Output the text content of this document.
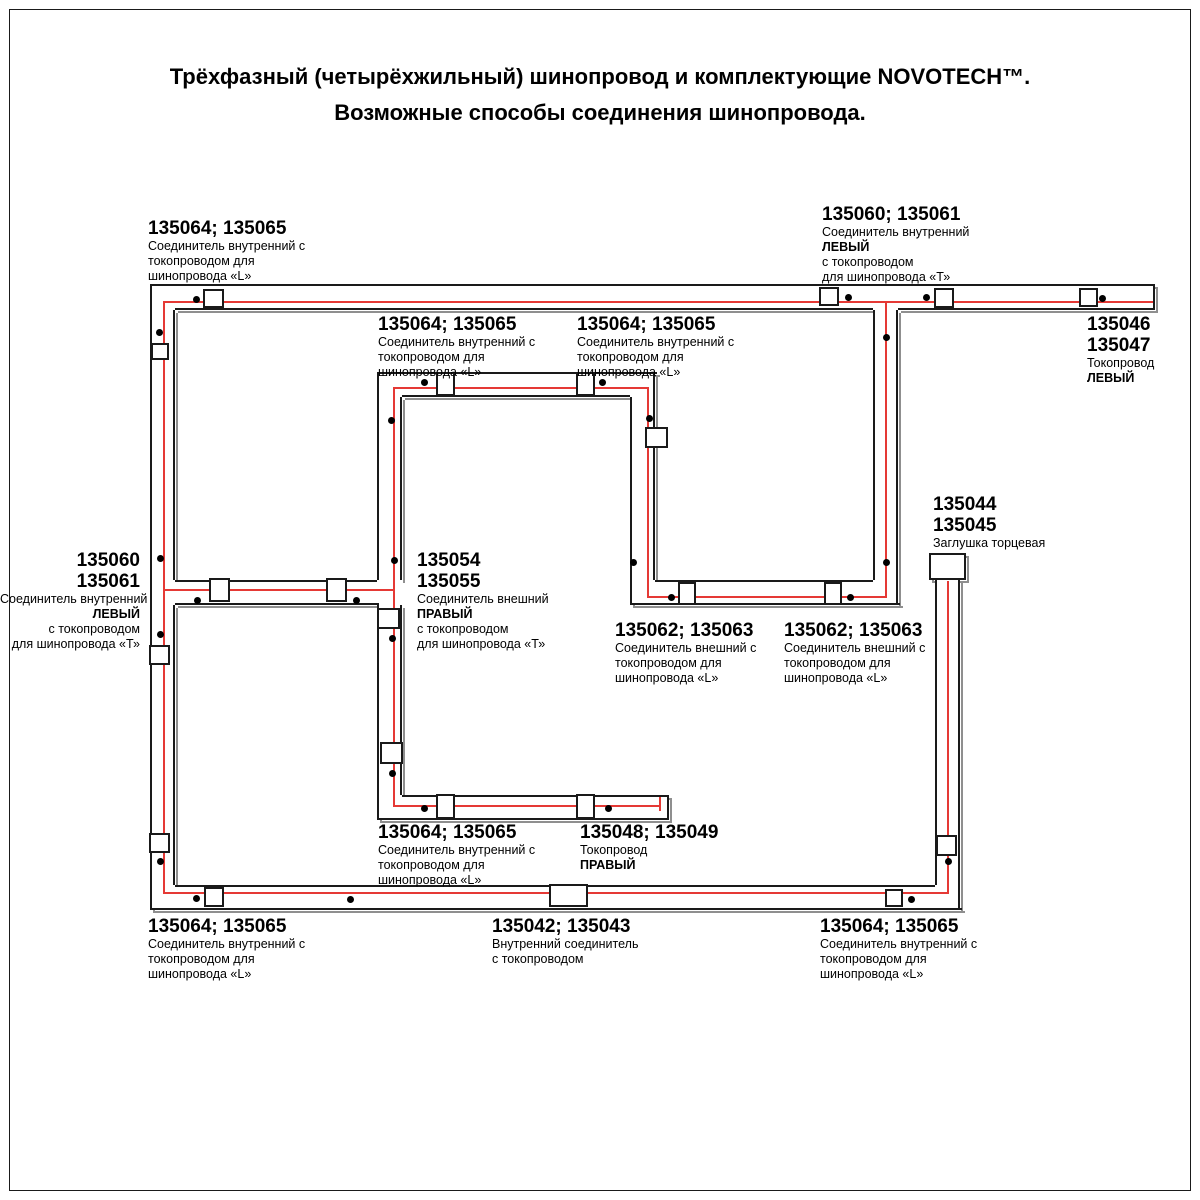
Трёхфазный (четырёхжильный) шинопровод и комплектующие NOVOTECH™.
Возможные способы соединения шинопровода.
135064; 135065
Соединитель внутренний с
токопроводом для
шинопровода «L»
135060; 135061
Соединитель внутренний
ЛЕВЫЙ
с токопроводом
для шинопровода «Т»
135046
135047
Токопровод
ЛЕВЫЙ
135064; 135065
Соединитель внутренний с
токопроводом для
шинопровода «L»
135064; 135065
Соединитель внутренний с
токопроводом для
шинопровода «L»
135060
135061
Соединитель внутренний
ЛЕВЫЙ
с токопроводом
для шинопровода «Т»
135054
135055
Соединитель внешний
ПРАВЫЙ
с токопроводом
для шинопровода «Т»
135062; 135063
Соединитель внешний с
токопроводом для
шинопровода «L»
135062; 135063
Соединитель внешний с
токопроводом для
шинопровода «L»
135044
135045
Заглушка торцевая
135064; 135065
Соединитель внутренний с
токопроводом для
шинопровода «L»
135048; 135049
Токопровод
ПРАВЫЙ
135064; 135065
Соединитель внутренний с
токопроводом для
шинопровода «L»
135042; 135043
Внутренний соединитель
с токопроводом
135064; 135065
Соединитель внутренний с
токопроводом для
шинопровода «L»
